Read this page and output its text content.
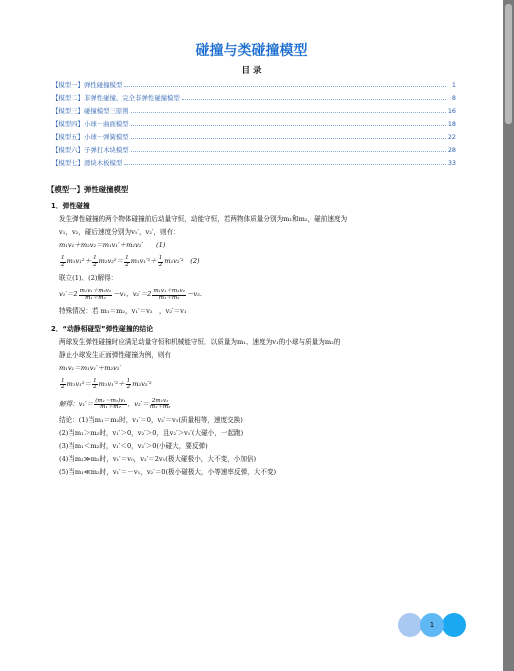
碰撞与类碰撞模型
目 录
【模型一】弹性碰撞模型	1
【模型二】非弹性碰撞、完全非弹性碰撞模型	8
【模型三】碰撞模型三原则	16
【模型四】小球－曲面模型	18
【模型五】小球－弹簧模型	22
【模型六】子弹打木块模型	28
【模型七】滑块木板模型	33
【模型一】弹性碰撞模型
1．弹性碰撞
发生弹性碰撞的两个物体碰撞前后动量守恒，动能守恒，若两物体质量分别为m₁和m₂，碰前速度为
v₁，v₂，碰后速度分别为v₁′，v₂′，则有：
m₁v₁＋m₂v₂＝m₁v₁′＋m₂v₂′　　(1)
1
2 m₁v₁²＋ 1
2 m₂v₂²＝ 1
2 m₁v₁′²＋ 1
2 m₂v₂′² 　(2)
联立(1)、(2)解得：
v₁′＝2 m₁v₁＋m₂v₂
m₁＋m₂ －v₁，v₂′＝2 m₁v₁＋m₂v₂
m₁＋m₂ －v₂.
特殊情况：若 m₁＝m₂，v₁′＝v₂　，v₂′＝v₁
2．“动静相碰型”弹性碰撞的结论
两球发生弹性碰撞时应满足动量守恒和机械能守恒．以质量为m₁、速度为v₁的小球与质量为m₂的
静止小球发生正面弹性碰撞为例，则有
m₁v₁＝m₁v₁′＋m₂v₂′
1
2 m₁v₁²＝ 1
2 m₁v₁′²＋ 1
2 m₂v₂′²
解得：v₁′＝ (m₁－m₂)v₁
m₁＋m₂ ，v₂′＝ 2m₁v₁
m₁＋m₂
结论：(1)当m₁＝m₂时，v₁′＝0，v₂′＝v₁(质量相等，速度交换)
(2)当m₁＞m₂时，v₁′＞0，v₂′＞0，且v₂′＞v₁′(大碰小，一起跑)
(3)当m₁＜m₂时，v₁′＜0，v₂′＞0(小碰大，要反弹)
(4)当m₁≫m₂时，v₁′＝v₀，v₂′＝2v₁(极大碰极小，大不变，小加倍)
(5)当m₁≪m₂时，v₁′＝－v₁，v₂′＝0(极小碰极大，小等速率反弹，大不变)
1
